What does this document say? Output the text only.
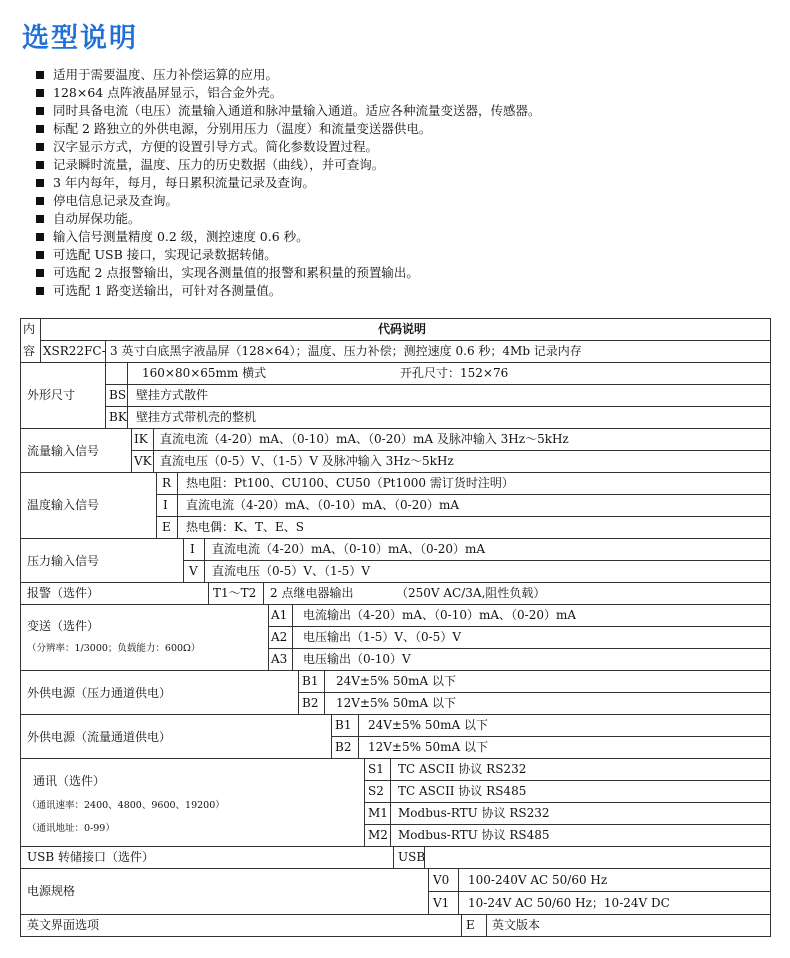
选型说明
适用于需要温度、压力补偿运算的应用。
128×64 点阵液晶屏显示，铝合金外壳。
同时具备电流（电压）流量输入通道和脉冲量输入通道。适应各种流量变送器，传感器。
标配 2 路独立的外供电源，分别用压力（温度）和流量变送器供电。
汉字显示方式，方便的设置引导方式。简化参数设置过程。
记录瞬时流量，温度、压力的历史数据（曲线），并可查询。
3 年内每年，每月，每日累积流量记录及查询。
停电信息记录及查询。
自动屏保功能。
输入信号测量精度 0.2 级，测控速度 0.6 秒。
可选配 USB 接口，实现记录数据转储。
可选配 2 点报警输出，实现各测量值的报警和累积量的预置输出。
可选配 1 路变送输出，可针对各测量值。
内
容
代码说明
XSR22FC- 3 英寸白底黑字液晶屏（128×64）；温度、压力补偿；测控速度 0.6 秒；4Mb 记录内存
外形尺寸
160×80×65mm 横式	开孔尺寸：152×76
BS 壁挂方式散件
BK 壁挂方式带机壳的整机
流量输入信号
IK 直流电流（4-20）mA、（0-10）mA、（0-20）mA 及脉冲输入 3Hz～5kHz
VK 直流电压（0-5）V、（1-5）V 及脉冲输入 3Hz～5kHz
温度输入信号
R 热电阻：Pt100、CU100、CU50（Pt1000 需订货时注明）
I 直流电流（4-20）mA、（0-10）mA、（0-20）mA
E 热电偶：K、T、E、S
压力输入信号
I 直流电流（4-20）mA、（0-10）mA、（0-20）mA
V 直流电压（0-5）V、（1-5）V
报警（选件）	T1～T2 2 点继电器输出	（250V AC/3A,阻性负载）
变送（选件）
（分辨率：1/3000；负载能力：600Ω）
A1 电流输出（4-20）mA、（0-10）mA、（0-20）mA
A2 电压输出（1-5）V、（0-5）V
A3 电压输出（0-10）V
外供电源（压力通道供电）
B1 24V±5% 50mA 以下
B2 12V±5% 50mA 以下
外供电源（流量通道供电）
B1 24V±5% 50mA 以下
B2 12V±5% 50mA 以下
通讯（选件）
（通讯速率：2400、4800、9600、19200）
（通讯地址：0-99）
S1 TC ASCII 协议 RS232
S2 TC ASCII 协议 RS485
M1 Modbus-RTU 协议 RS232
M2 Modbus-RTU 协议 RS485
USB 转储接口（选件）	USB
电源规格
V0 100-240V AC 50/60 Hz
V1 10-24V AC 50/60 Hz；10-24V DC
英文界面选项	E 英文版本
